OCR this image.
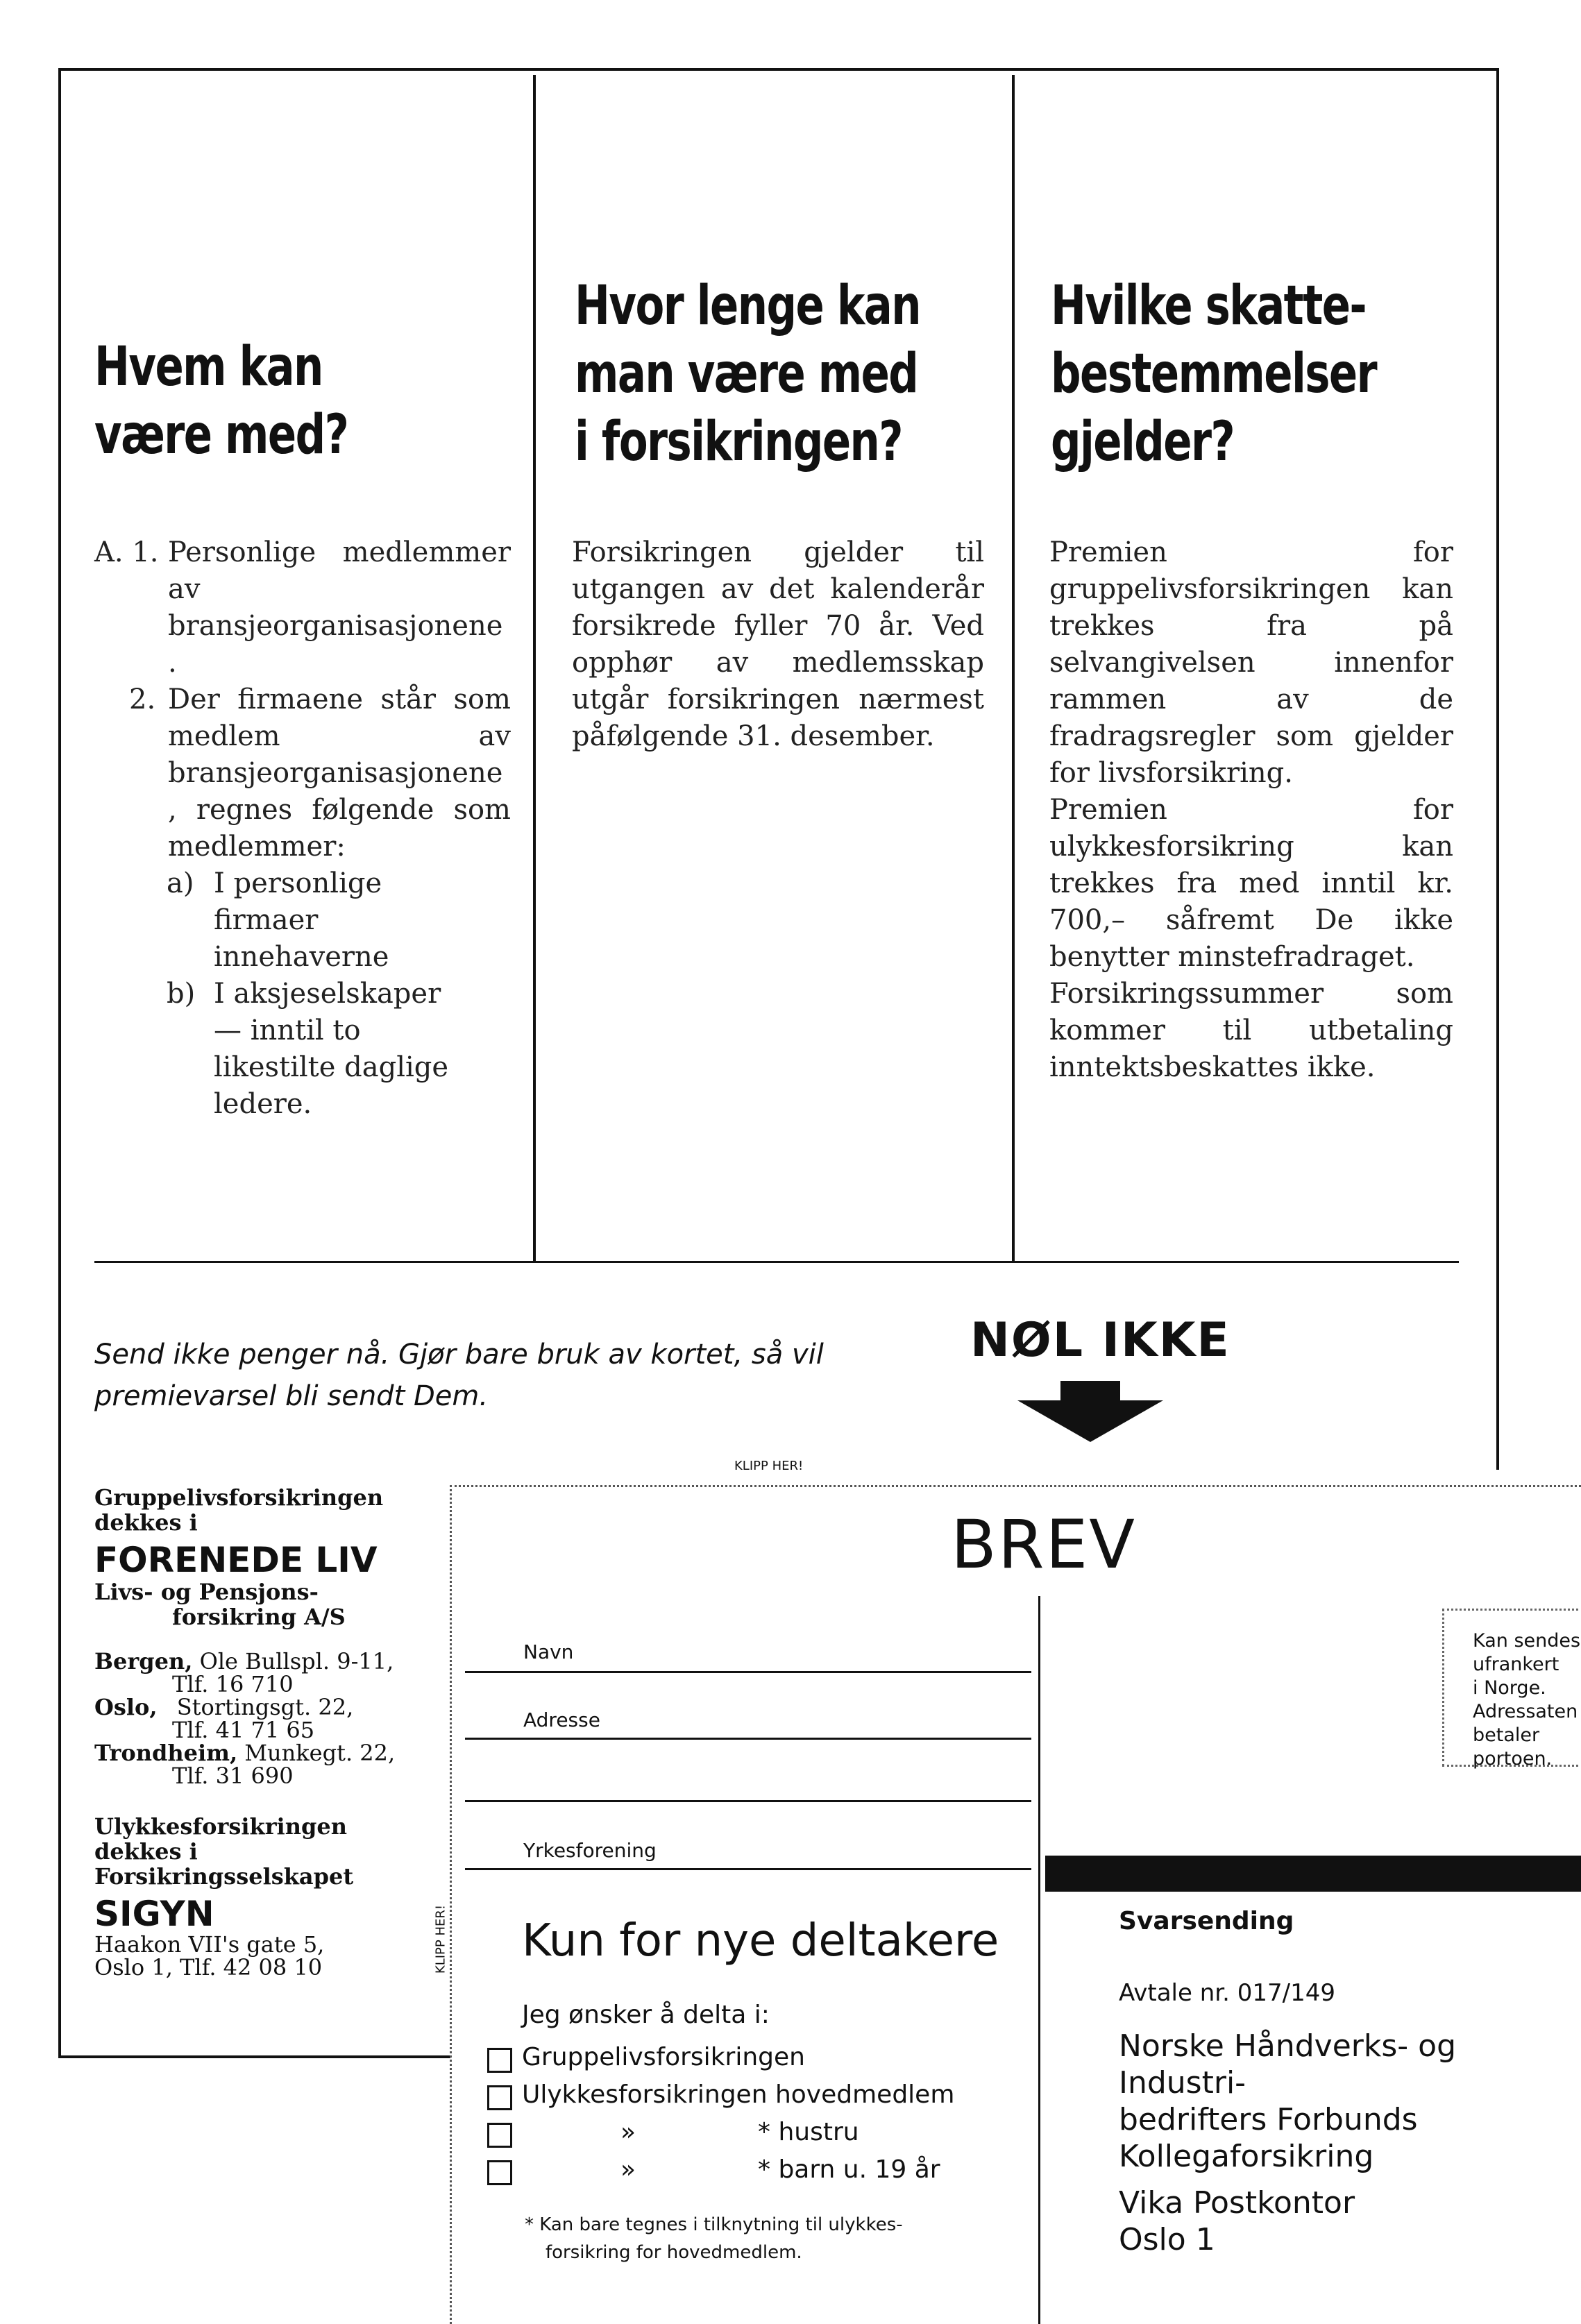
Hvem kan
være med?
A. 1. Personlige medlemmer av bransjeorganisasjonene.
2. Der firmaene står som medlem av bransjeorganisasjonene, regnes følgende som medlemmer:
a) I personlige firmaer innehaverne
b) I aksjeselskaper — inntil to likestilte daglige ledere.
Hvor lenge kan
man være med
i forsikringen?
Forsikringen gjelder til utgangen av det kalenderår forsikrede fyller 70 år. Ved opphør av medlemsskap utgår forsikringen nærmest påfølgende 31. desember.
Hvilke skatte-
bestemmelser
gjelder?
Premien for gruppelivsforsikringen kan trekkes fra på selvangivelsen innenfor rammen av de fradragsregler som gjelder for livsforsikring.
Premien for ulykkesforsikring kan trekkes fra med inntil kr. 700,– såfremt De ikke benytter minstefradraget.
Forsikringssummer som kommer til utbetaling inntektsbeskattes ikke.
Send ikke penger nå. Gjør bare bruk av kortet, så vil
premievarsel bli sendt Dem.
NØL IKKE
Gruppelivsforsikringen
dekkes i
FORENEDE LIV
Livs- og Pensjons-
forsikring A/S
Bergen, Ole Bullspl. 9-11,
Tlf. 16 710
Oslo, Stortingsgt. 22,
Tlf. 41 71 65
Trondheim, Munkegt. 22,
Tlf. 31 690
Ulykkesforsikringen
dekkes i
Forsikringsselskapet
SIGYN
Haakon VII's gate 5,
Oslo 1, Tlf. 42 08 10
KLIPP HER!
KLIPP HER!
BREV
Navn
Adresse
Yrkesforening
Kun for nye deltakere
Jeg ønsker å delta i:
Gruppelivsforsikringen
Ulykkesforsikringen hovedmedlem
»	* hustru
»	* barn u. 19 år
* Kan bare tegnes i tilknytning til ulykkes-
forsikring for hovedmedlem.
Kan sendes
ufrankert
i Norge.
Adressaten
betaler
portoen.
Svarsending
Avtale nr. 017/149
Norske Håndverks- og Industri-
bedrifters Forbunds
Kollegaforsikring
Vika Postkontor
Oslo 1
